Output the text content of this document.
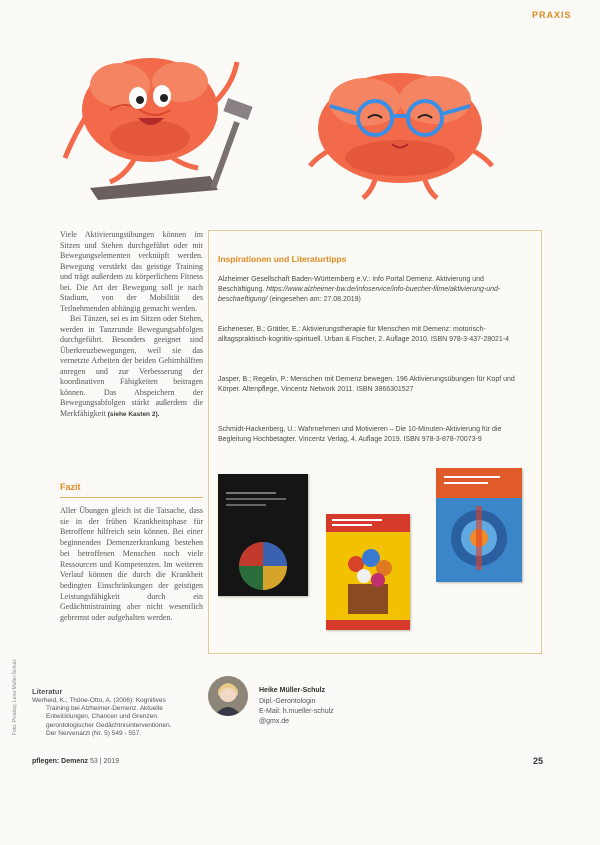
PRAXIS

Viele Aktivierungsübungen können im Sitzen und Stehen durchgeführt oder mit Bewegungselementen verknüpft werden. Bewegung verstärkt das geistige Training und trägt außerdem zu körperlichem Fitness bei. Die Art der Bewegung soll je nach Stadium, von der Mobilität des Teilnehmenden abhängig gemacht werden.

Bei Tänzen, sei es im Sitzen oder Stehen, werden in Tanzrunde Bewegungsabfolgen durchgeführt. Besonders geeignet sind Überkreuzbewegungen, weil sie das vernetzte Arbeiten der beiden Gehirnhälften anregen und zur Verbesserung der koordinativen Fähigkeiten beitragen können. Das Abspeichern der Bewegungsabfolgen stärkt außerdem die Merkfähigkeit (siehe Kasten 2).

Fazit

Aller Übungen gleich ist die Tatsache, dass sie in der frühen Krankheitsphase für Betroffene hilfreich sein können. Bei einer beginnenden Demenzerkrankung bestehen bei betroffenen Menschen noch viele Ressourcen und Kompetenzen. Im weiteren Verlauf können die durch die Krankheit bedingten Einschränkungen der geistigen Leistungsfähigkeit durch ein Gedächtnistraining aber nicht wesentlich gebremst oder aufgehalten werden.

Inspirationen und Literaturtipps
Alzheimer Gesellschaft Baden-Württemberg e.V.: Info Portal Demenz. Aktivierung und Beschäftigung. https://www.alzheimer-bw.de/infoservice/info-buecher-filme/aktivierung-und-beschaeftigung/ (eingesehen am: 27.08.2019)
Eicheneser, B.; Grätler, E.: Aktivierungstherapie für Menschen mit Demenz: motorisch-alltagspraktisch-kognitiv-spirituell. Urban & Fischer, 2. Auflage 2010. ISBN 978-3-437-28021-4
Jasper, B.; Regelin, P.: Menschen mit Demenz bewegen. 196 Aktivierungsübungen für Kopf und Körper. Altenpflege, Vincentz Network 2011. ISBN 3866301527
Schmidt-Hackenberg, U.: Wahrnehmen und Motivieren – Die 10-Minuten-Aktivierung für die Begleitung Hochbetagter. Vincentz Verlag, 4. Auflage 2019. ISBN 978-3-878-70073-9
Literatur

Werheid, K.; Thöne-Otto, A. (2006): Kognitives Training bei Alzheimer-Demenz. Aktuelle Entwicklungen, Chancen und Grenzen gerontologischer Gedächtnisinterventionen. Der Nervenarzt (Nr. 5) 549 - 557.

Foto: Pixabay, Lena Muller-Schulz	Heike Müller-Schulz
Dipl.-Gerontologin
E-Mail: h.mueller-schulz
@gmx.de
pflegen: Demenz 53 | 2019	25
